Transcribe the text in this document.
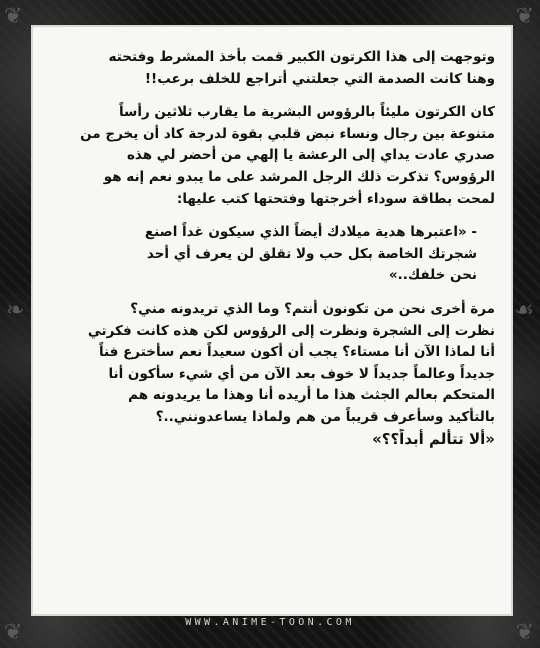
❦	❦
❧	☙
❦	❦
وتوجهت إلى هذا الكرتون الكبير قمت بأخذ المشرط وفتحته
وهنا كانت الصدمة التي جعلتني أتراجع للخلف برعب!!
كان الكرتون مليئاً بالرؤوس البشرية ما يقارب ثلاثين رأساً
متنوعة بين رجال ونساء نبض قلبي بقوة لدرجة كاد أن يخرج من
صدري عادت يداي إلى الرعشة يا إلهي من أحضر لي هذه
الرؤوس؟ تذكرت ذلك الرجل المرشد على ما يبدو نعم إنه هو
لمحت بطاقة سوداء أخرجتها وفتحتها كتب عليها:
- «اعتبرها هدية ميلادك أيضاً الذي سيكون غداً اصنع
شجرتك الخاصة بكل حب ولا تقلق لن يعرف أي أحد
نحن خلفك..»
مرة أخرى نحن من تكونون أنتم؟ وما الذي تريدونه مني؟
نظرت إلى الشجرة ونظرت إلى الرؤوس لكن هذه كانت فكرتي
أنا لماذا الآن أنا مستاء؟ يجب أن أكون سعيداً نعم سأخترع فناً
جديداً وعالماً جديداً لا خوف بعد الآن من أي شيء سأكون أنا
المتحكم بعالم الجثث هذا ما أريده أنا وهذا ما يريدونه هم
بالتأكيد وسأعرف قريباً من هم ولماذا يساعدونني..؟
«ألا تتألم أبداً؟؟»
WWW.ANIME-TOON.COM
